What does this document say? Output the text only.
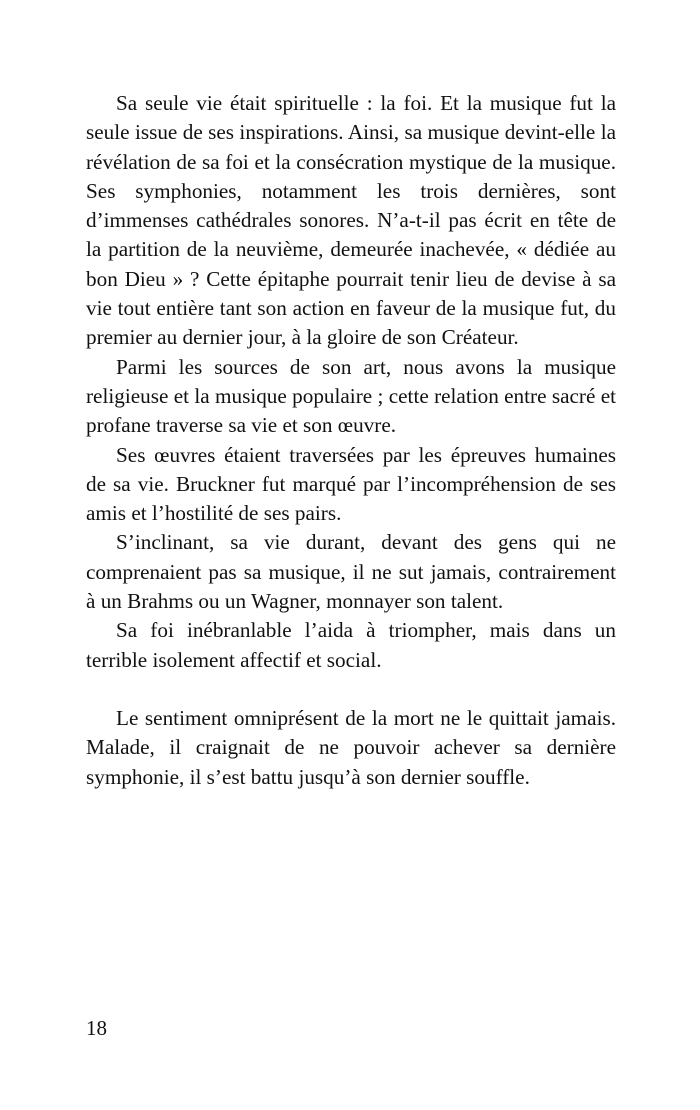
Sa seule vie était spirituelle : la foi. Et la musique fut la seule issue de ses inspirations. Ainsi, sa musique devint-elle la révélation de sa foi et la consécration mystique de la musique. Ses symphonies, notamment les trois dernières, sont d’immenses cathédrales sonores. N’a-t-il pas écrit en tête de la partition de la neuvième, demeurée inachevée, « dédiée au bon Dieu » ? Cette épitaphe pourrait tenir lieu de devise à sa vie tout entière tant son action en faveur de la musique fut, du premier au dernier jour, à la gloire de son Créateur.

Parmi les sources de son art, nous avons la musique religieuse et la musique populaire ; cette relation entre sacré et profane traverse sa vie et son œuvre.

Ses œuvres étaient traversées par les épreuves humaines de sa vie. Bruckner fut marqué par l’incompréhension de ses amis et l’hostilité de ses pairs.

S’inclinant, sa vie durant, devant des gens qui ne comprenaient pas sa musique, il ne sut jamais, contrairement à un Brahms ou un Wagner, monnayer son talent.

Sa foi inébranlable l’aida à triompher, mais dans un terrible isolement affectif et social.

Le sentiment omniprésent de la mort ne le quittait jamais. Malade, il craignait de ne pouvoir achever sa dernière symphonie, il s’est battu jusqu’à son dernier souffle.

18
